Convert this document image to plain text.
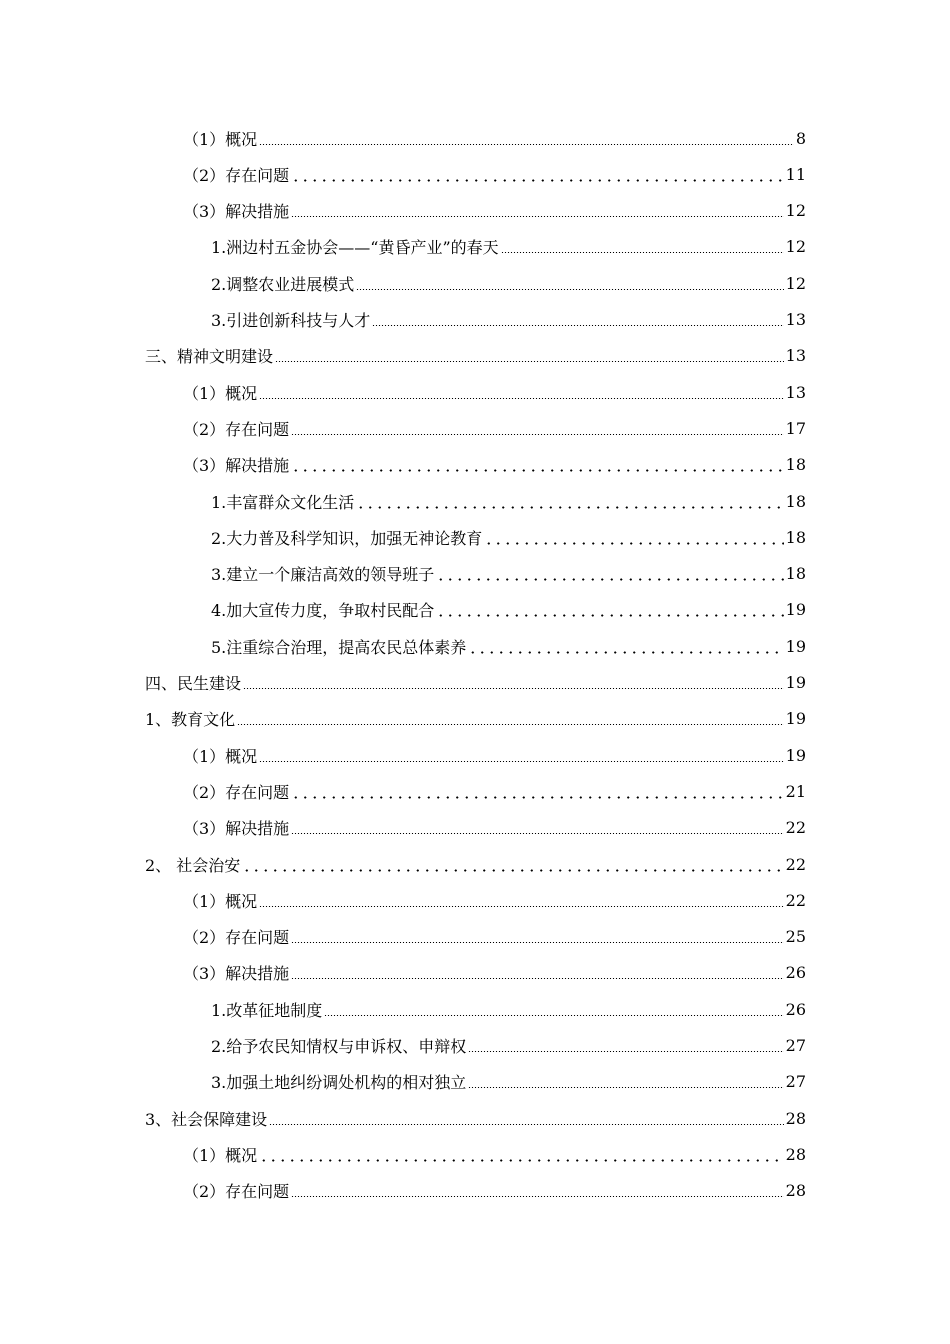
（1）概况	8
（2）存在问题	11
（3）解决措施	12
1.洲边村五金协会——“黄昏产业”的春天	12
2.调整农业进展模式	12
3.引进创新科技与人才	13
三、精神文明建设	13
（1）概况	13
（2）存在问题	17
（3）解决措施	18
1.丰富群众文化生活	18
2.大力普及科学知识，加强无神论教育	18
3.建立一个廉洁高效的领导班子	18
4.加大宣传力度，争取村民配合	19
5.注重综合治理，提高农民总体素养	19
四、民生建设	19
1、教育文化	19
（1）概况	19
（2）存在问题	21
（3）解决措施	22
2、 社会治安	22
（1）概况	22
（2）存在问题	25
（3）解决措施	26
1.改革征地制度	26
2.给予农民知情权与申诉权、申辩权	27
3.加强土地纠纷调处机构的相对独立	27
3、社会保障建设	28
（1）概况	28
（2）存在问题	28
